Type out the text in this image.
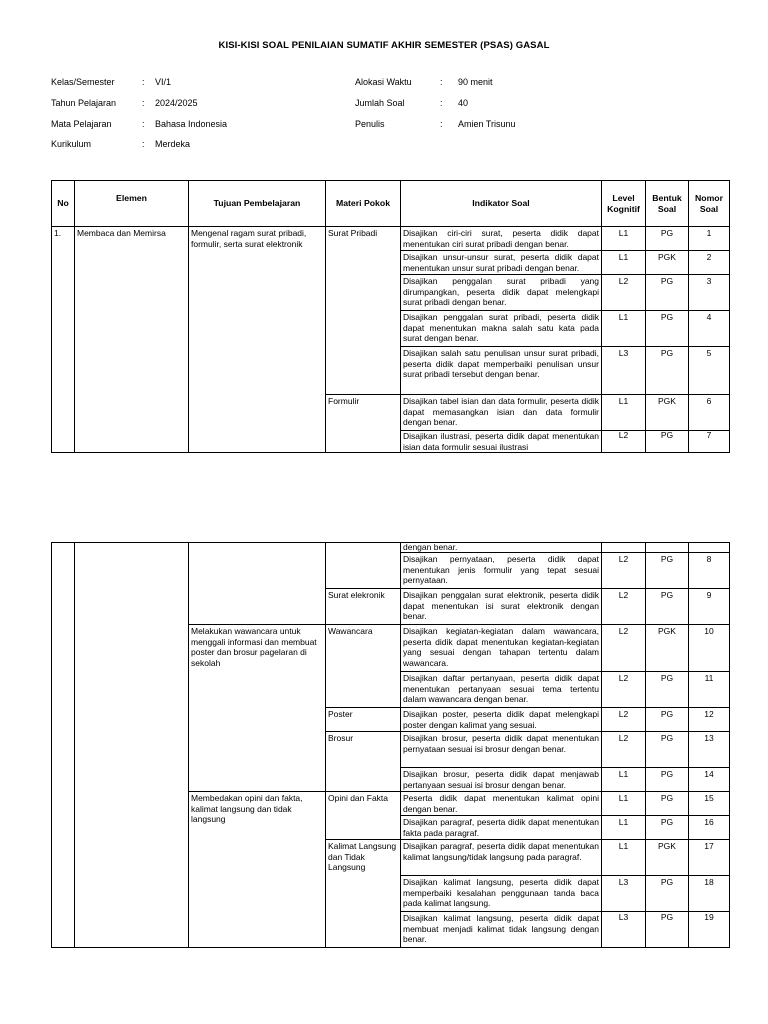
KISI-KISI SOAL PENILAIAN SUMATIF AKHIR SEMESTER (PSAS) GASAL
Kelas/Semester	: VI/1
Tahun Pelajaran	: 2024/2025
Mata Pelajaran	: Bahasa Indonesia
Kurikulum	: Merdeka
Alokasi Waktu	: 90 menit
Jumlah Soal	: 40
Penulis	: Amien Trisunu
No	Elemen	Tujuan Pembelajaran	Materi Pokok	Indikator Soal	Level Kognitif	Bentuk Soal	Nomor Soal
1.	Membaca dan Memirsa	Mengenal ragam surat pribadi, formulir, serta surat elektronik	Surat Pribadi	Disajikan ciri-ciri surat, peserta didik dapat menentukan ciri surat pribadi dengan benar.	L1	PG	1
				Disajikan unsur-unsur surat, peserta didik dapat menentukan unsur surat pribadi dengan benar.	L1	PGK	2
				Disajikan penggalan surat pribadi yang dirumpangkan, peserta didik dapat melengkapi surat pribadi dengan benar.	L2	PG	3
				Disajikan penggalan surat pribadi, peserta didik dapat menentukan makna salah satu kata pada surat dengan benar.	L1	PG	4
				Disajikan salah satu penulisan unsur surat pribadi, peserta didik dapat memperbaiki penulisan unsur surat pribadi tersebut dengan benar.	L3	PG	5
			Formulir	Disajikan tabel isian dan data formulir, peserta didik dapat memasangkan isian dan data formulir dengan benar.	L1	PGK	6

				Disajikan ilustrasi, peserta didik dapat menentukan isian data formulir sesuai ilustrasi	L2	PG	7
				dengan benar.			
				Disajikan pernyataan, peserta didik dapat menentukan jenis formulir yang tepat sesuai pernyataan.	L2	PG	8
			Surat elekronik	Disajikan penggalan surat elektronik, peserta didik dapat menentukan isi surat elektronik dengan benar.	L2	PG	9
		Melakukan wawancara untuk menggali informasi dan membuat poster dan brosur pagelaran di sekolah	Wawancara	Disajikan kegiatan-kegiatan dalam wawancara, peserta didik dapat menentukan kegiatan-kegiatan yang sesuai dengan tahapan tertentu dalam wawancara.	L2	PGK	10
				Disajikan daftar pertanyaan, peserta didik dapat menentukan pertanyaan sesuai tema tertentu dalam wawancara dengan benar.	L2	PG	11
			Poster	Disajikan poster, peserta didik dapat melengkapi poster dengan kalimat yang sesuai.	L2	PG	12
			Brosur	Disajikan brosur, peserta didik dapat menentukan pernyataan sesuai isi brosur dengan benar.	L2	PG	13
				Disajikan brosur, peserta didik dapat menjawab pertanyaan sesuai isi brosur dengan benar.	L1	PG	14
		Membedakan opini dan fakta, kalimat langsung dan tidak langsung	Opini dan Fakta	Peserta didik dapat menentukan kalimat opini dengan benar.	L1	PG	15
				Disajikan paragraf, peserta didik dapat menentukan fakta pada paragraf.	L1	PG	16
			Kalimat Langsung dan Tidak Langsung	Disajikan paragraf, peserta didik dapat menentukan kalimat langsung/tidak langsung pada paragraf.	L1	PGK	17
				Disajikan kalimat langsung, peserta didik dapat memperbaiki kesalahan penggunaan tanda baca pada kalimat langsung.	L3	PG	18
				Disajikan kalimat langsung, peserta didik dapat membuat menjadi kalimat tidak langsung dengan benar.	L3	PG	19
